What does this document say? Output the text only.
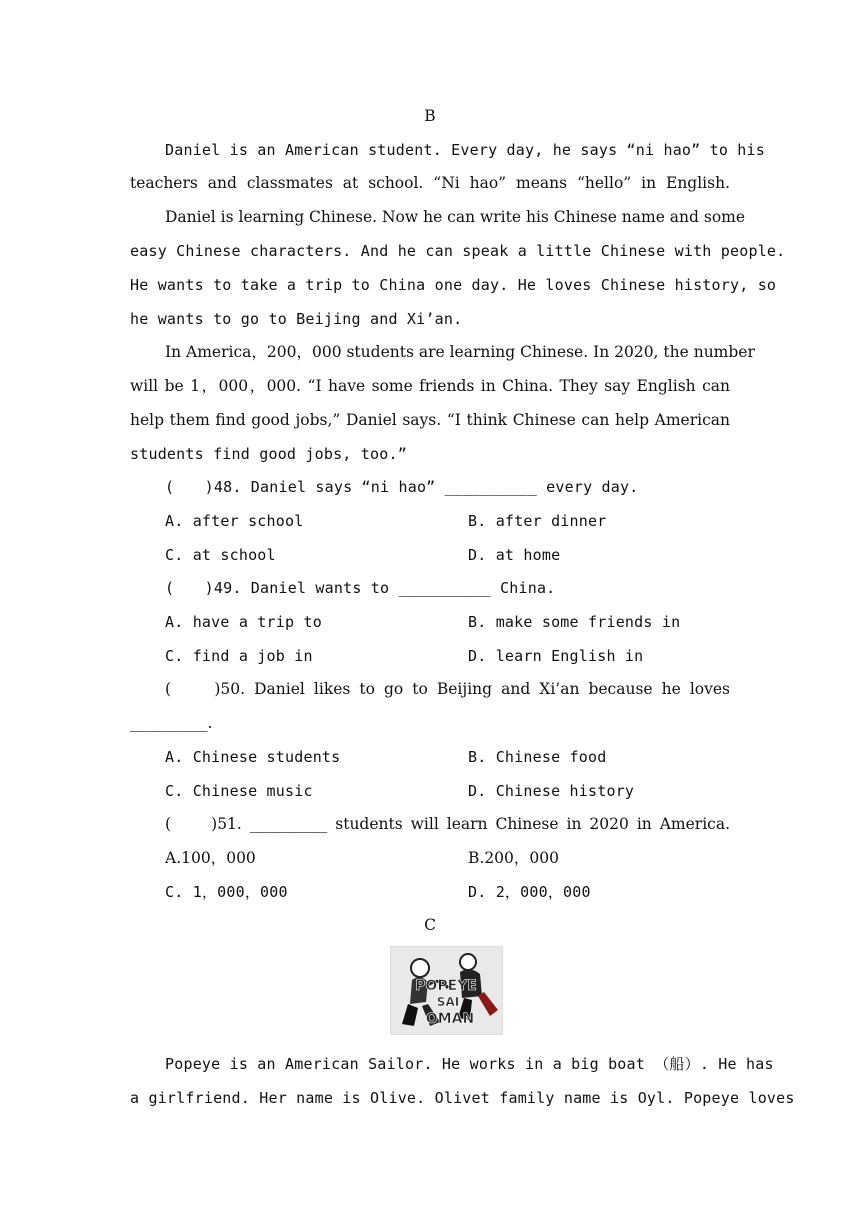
B
Daniel is an American student. Every day, he says “ni hao” to his
teachers and classmates at school. “Ni hao” means “hello” in English.
Daniel is learning Chinese. Now he can write his Chinese name and some
easy Chinese characters. And he can speak a little Chinese with people.
He wants to take a trip to China one day. He loves Chinese history, so
he wants to go to Beijing and Xi’an.
In America，200，000 students are learning Chinese. In 2020, the number
will be 1，000，000. “I have some friends in China. They say English can
help them find good jobs,” Daniel says. “I think Chinese can help American
students find good jobs, too.”
(　　)48. Daniel says “ni hao” __________ every day.
A. after school	B. after dinner
C. at school	D. at home
(　　)49. Daniel wants to __________ China.
A. have a trip to	B. make some friends in
C. find a job in	D. learn English in
(　　)50. Daniel likes to go to Beijing and Xi’an because he loves
__________.
A. Chinese students	B. Chinese food
C. Chinese music	D. Chinese history
(　　)51. __________ students will learn Chinese in 2020 in America.
A.100，000	B.200，000
C. 1，000，000	D. 2，000，000
C
POPEYE
SAI
OMAN
Popeye is an American Sailor. He works in a big boat （船）. He has
a girlfriend. Her name is Olive. Olivet family name is Oyl. Popeye loves
